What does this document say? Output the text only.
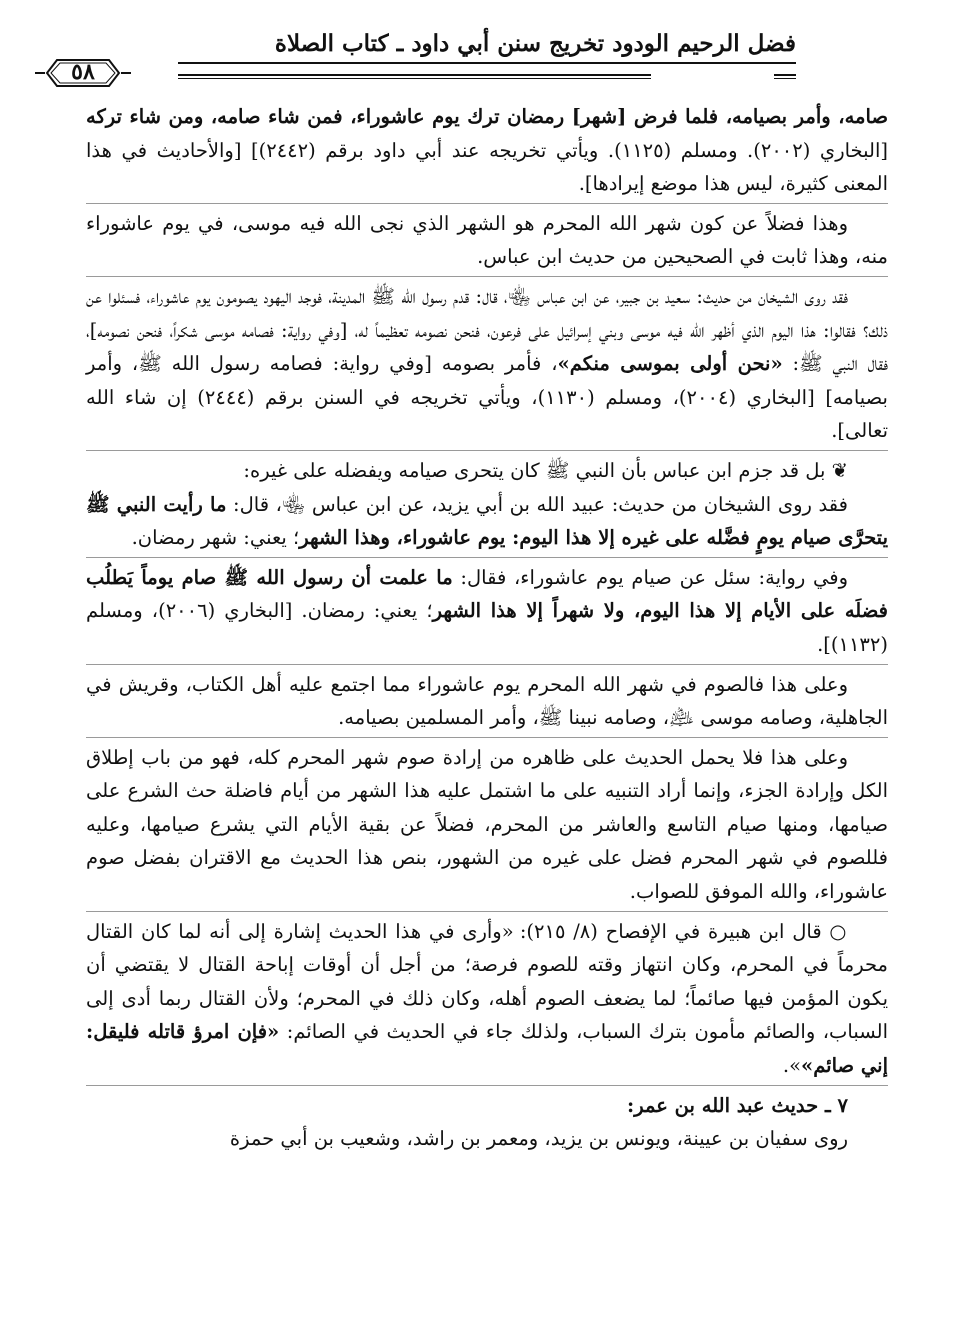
فضل الرحيم الودود تخريج سنن أبي داود ـ كتاب الصلاة
٥٨

صامه، وأمر بصيامه، فلما فرض [شهر] رمضان ترك يوم عاشوراء، فمن شاء صامه، ومن شاء تركه [البخاري (٢٠٠٢). ومسلم (١١٢٥). ويأتي تخريجه عند أبي داود برقم (٢٤٤٢)] [والأحاديث في هذا المعنى كثيرة، ليس هذا موضع إيرادها].

وهذا فضلاً عن كون شهر الله المحرم هو الشهر الذي نجى الله فيه موسى، في يوم عاشوراء منه، وهذا ثابت في الصحيحين من حديث ابن عباس.

فقد روى الشيخان من حديث: سعيد بن جبير، عن ابن عباس ﵄، قال: قدم رسول الله ﷺ المدينة، فوجد اليهود يصومون يوم عاشوراء، فسئلوا عن ذلك؟ فقالوا: هذا اليوم الذي أظهر الله فيه موسى وبني إسرائيل على فرعون، فنحن نصومه تعظيماً له، [وفي رواية: فصامه موسى شكراً، فنحن نصومه]، فقال النبي ﷺ: «نحن أولى بموسى منكم»، فأمر بصومه [وفي رواية: فصامه رسول الله ﷺ، وأمر بصيامه] [البخاري (٢٠٠٤)، ومسلم (١١٣٠)، ويأتي تخريجه في السنن برقم (٢٤٤٤) إن شاء الله تعالى].

❦ بل قد جزم ابن عباس بأن النبي ﷺ كان يتحرى صيامه ويفضله على غيره:

فقد روى الشيخان من حديث: عبيد الله بن أبي يزيد، عن ابن عباس ﵄، قال: ما رأيت النبي ﷺ يتحرَّى صيام يومٍ فضَّله على غيره إلا هذا اليوم: يوم عاشوراء، وهذا الشهر؛ يعني: شهر رمضان.

وفي رواية: سئل عن صيام يوم عاشوراء، فقال: ما علمت أن رسول الله ﷺ صام يوماً يَطلُب فضلَه على الأيام إلا هذا اليوم، ولا شهراً إلا هذا الشهر؛ يعني: رمضان. [البخاري (٢٠٠٦)، ومسلم (١١٣٢)].

وعلى هذا فالصوم في شهر الله المحرم يوم عاشوراء مما اجتمع عليه أهل الكتاب، وقريش في الجاهلية، وصامه موسى ﵇، وصامه نبينا ﷺ، وأمر المسلمين بصيامه.

وعلى هذا فلا يحمل الحديث على ظاهره من إرادة صوم شهر المحرم كله، فهو من باب إطلاق الكل وإرادة الجزء، وإنما أراد التنبيه على ما اشتمل عليه هذا الشهر من أيام فاضلة حث الشرع على صيامها، ومنها صيام التاسع والعاشر من المحرم، فضلاً عن بقية الأيام التي يشرع صيامها، وعليه فللصوم في شهر المحرم فضل على غيره من الشهور، بنص هذا الحديث مع الاقتران بفضل صوم عاشوراء، والله الموفق للصواب.

○ قال ابن هبيرة في الإفصاح (٨/ ٢١٥): «وأرى في هذا الحديث إشارة إلى أنه لما كان القتال محرماً في المحرم، وكان انتهاز وقته للصوم فرصة؛ من أجل أن أوقات إباحة القتال لا يقتضي أن يكون المؤمن فيها صائماً؛ لما يضعف الصوم أهله، وكان ذلك في المحرم؛ ولأن القتال ربما أدى إلى السباب، والصائم مأمون بترك السباب، ولذلك جاء في الحديث في الصائم: «فإن امرؤ قاتله فليقل: إني صائم»».

٧ ـ حديث عبد الله بن عمر:

روى سفيان بن عيينة، ويونس بن يزيد، ومعمر بن راشد، وشعيب بن أبي حمزة
